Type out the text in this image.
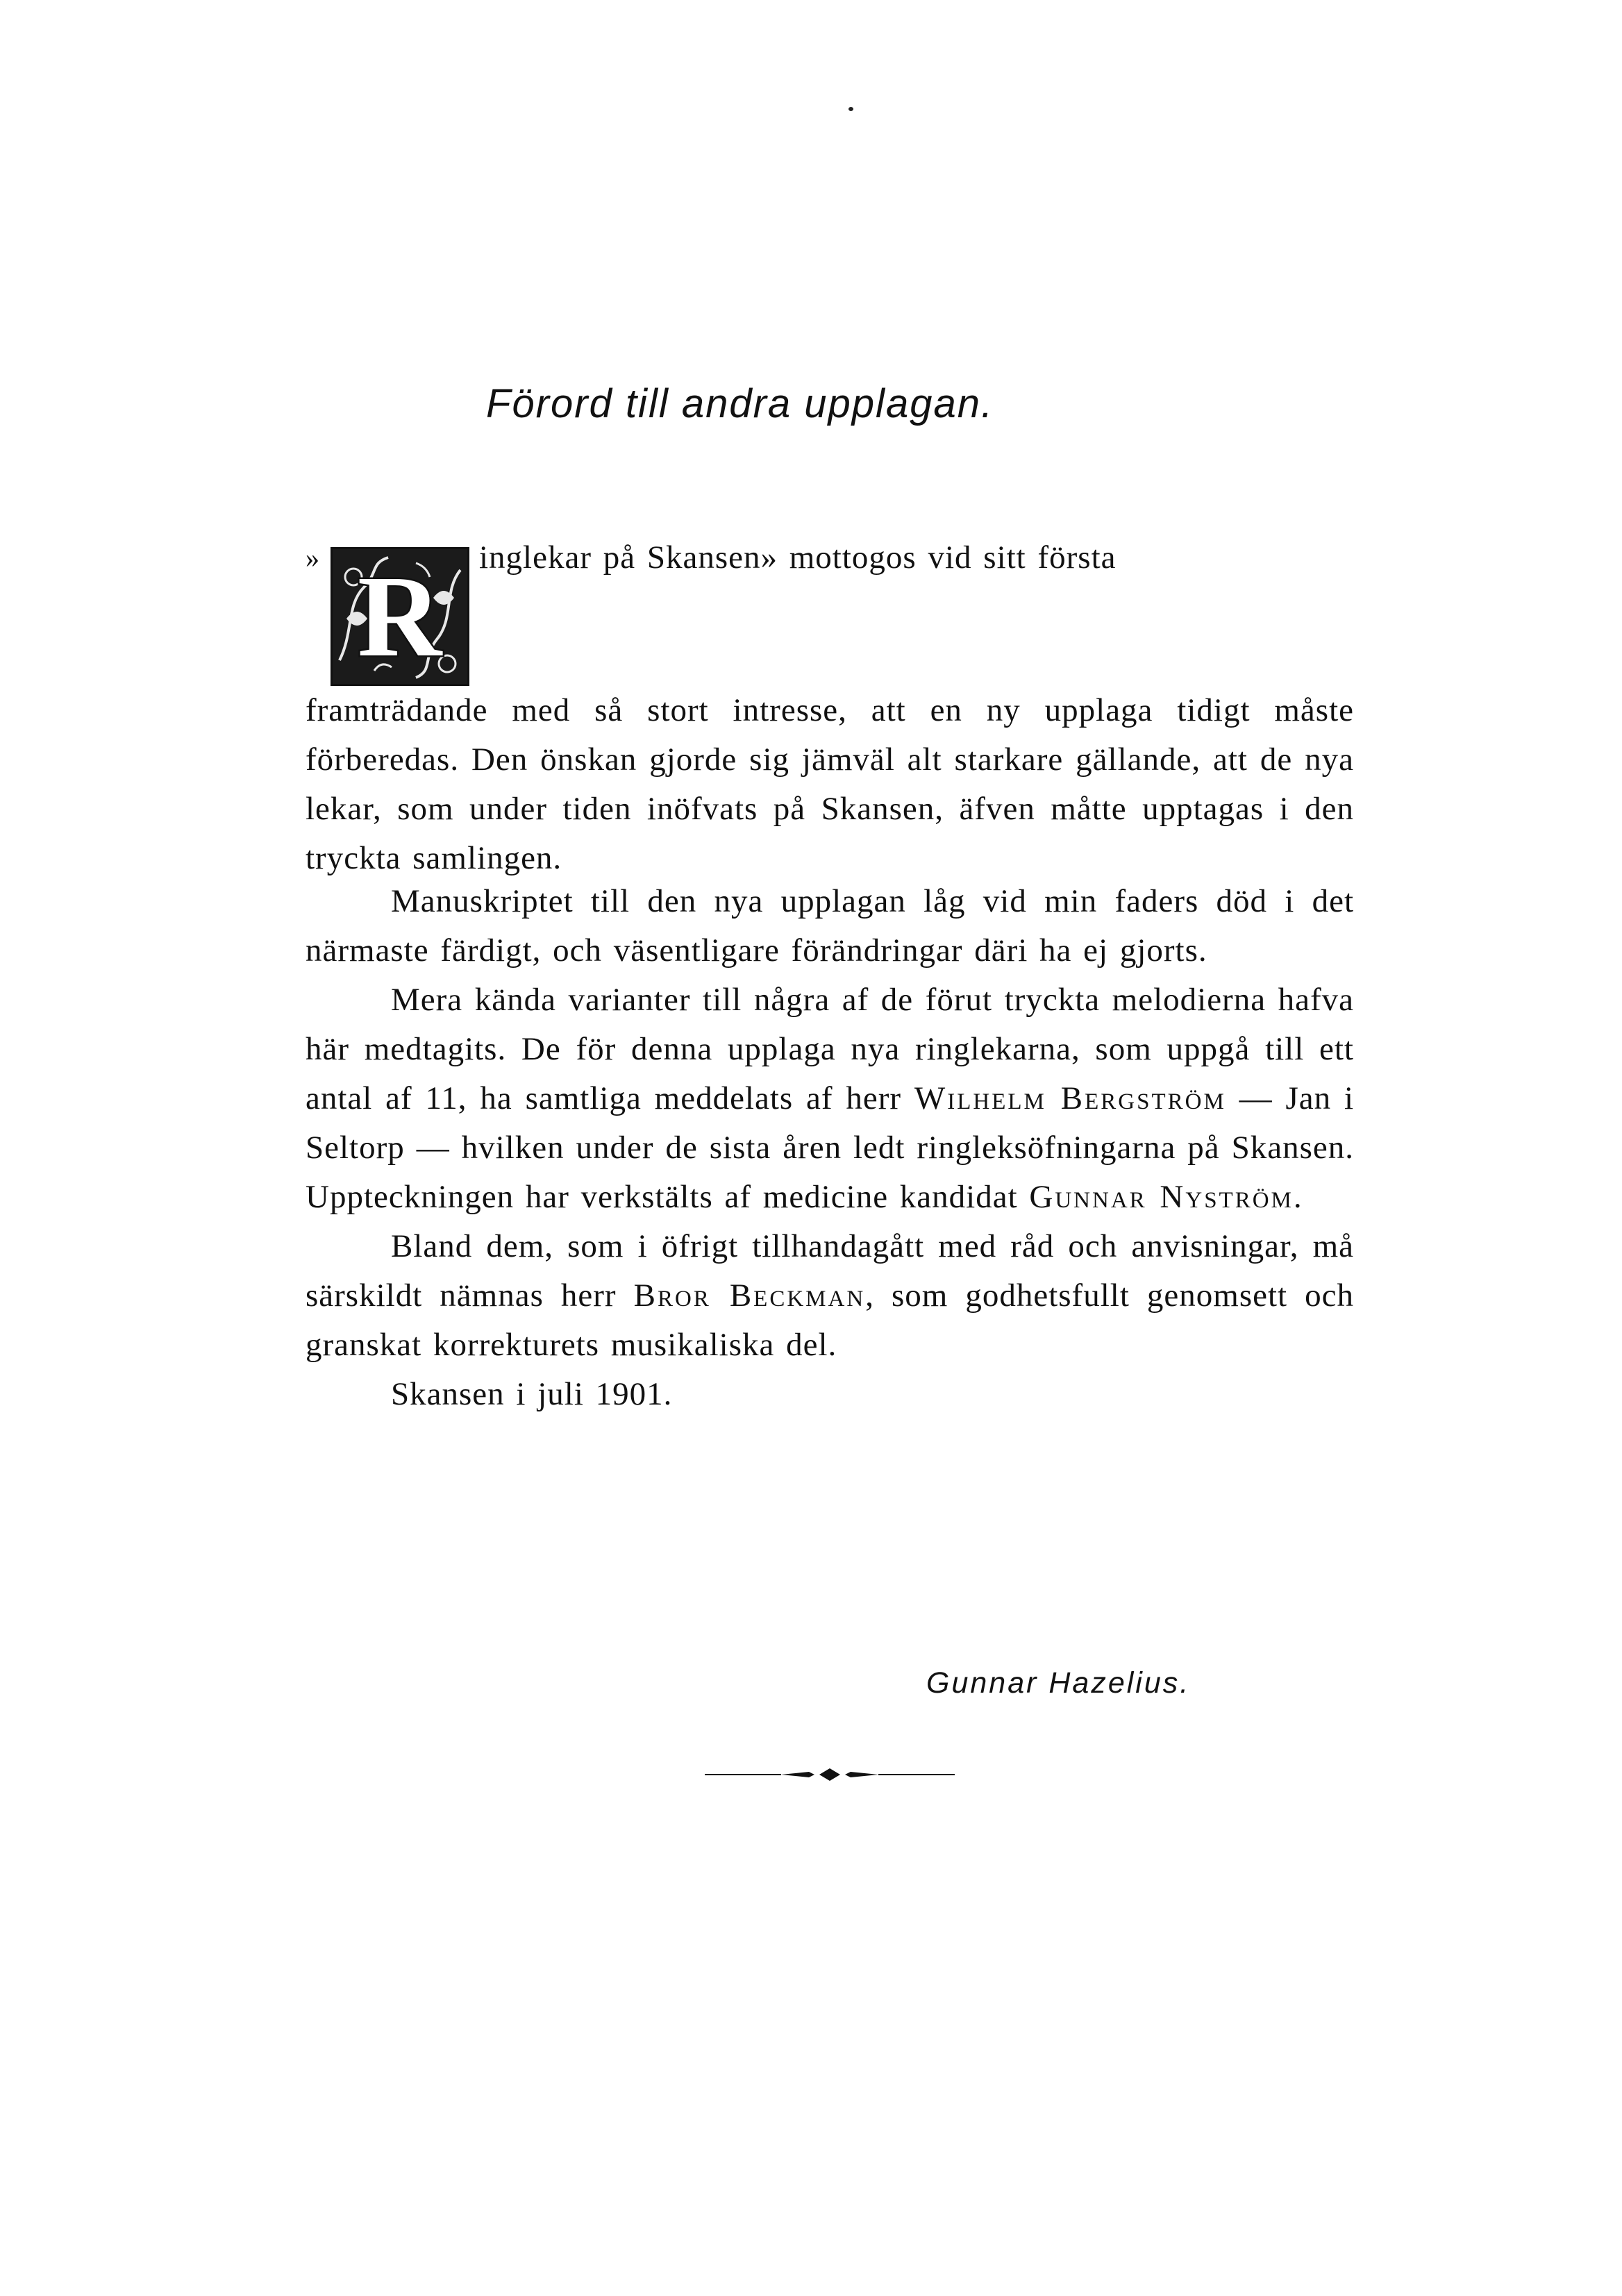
Förord till andra upplagan.

» R	inglekar på Skansen» mottogos vid sitt första

framträdande med så stort intresse, att en ny upplaga tidigt måste förberedas. Den önskan gjorde sig jämväl alt starkare gällande, att de nya lekar, som under tiden inöfvats på Skansen, äfven måtte upptagas i den tryckta samlingen.

Manuskriptet till den nya upplagan låg vid min faders död i det närmaste färdigt, och väsentligare förändringar däri ha ej gjorts.

Mera kända varianter till några af de förut tryckta melodierna hafva här medtagits. De för denna upplaga nya ringlekarna, som uppgå till ett antal af 11, ha samtliga meddelats af herr Wilhelm Bergström — Jan i Seltorp — hvilken under de sista åren ledt ringleksöfningarna på Skansen. Uppteckningen har verkstälts af medicine kandidat Gunnar Nyström.

Bland dem, som i öfrigt tillhandagått med råd och anvisningar, må särskildt nämnas herr Bror Beckman, som godhetsfullt genomsett och granskat korrekturets musikaliska del.

Skansen i juli 1901.

Gunnar Hazelius.
